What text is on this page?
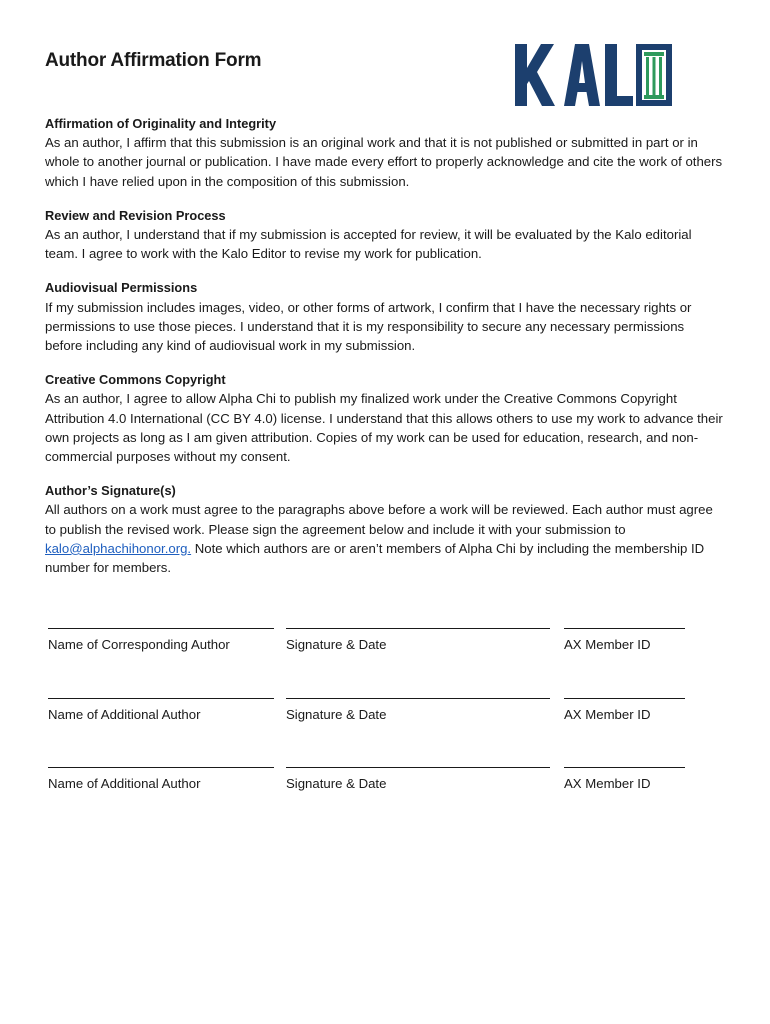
Author Affirmation Form
Affirmation of Originality and Integrity

As an author, I affirm that this submission is an original work and that it is not published or submitted in part or in whole to another journal or publication. I have made every effort to properly acknowledge and cite the work of others which I have relied upon in the composition of this submission.

Review and Revision Process

As an author, I understand that if my submission is accepted for review, it will be evaluated by the Kalo editorial team. I agree to work with the Kalo Editor to revise my work for publication.

Audiovisual Permissions

If my submission includes images, video, or other forms of artwork, I confirm that I have the necessary rights or permissions to use those pieces. I understand that it is my responsibility to secure any necessary permissions before including any kind of audiovisual work in my submission.

Creative Commons Copyright

As an author, I agree to allow Alpha Chi to publish my finalized work under the Creative Commons Copyright Attribution 4.0 International (CC BY 4.0) license. I understand that this allows others to use my work to advance their own projects as long as I am given attribution. Copies of my work can be used for education, research, and non-commercial purposes without my consent.

Author’s Signature(s)

All authors on a work must agree to the paragraphs above before a work will be reviewed. Each author must agree to publish the revised work. Please sign the agreement below and include it with your submission to kalo@alphachihonor.org. Note which authors are or aren’t members of Alpha Chi by including the membership ID number for members.

Name of Corresponding Author	Signature & Date	AX Member ID
Name of Additional Author	Signature & Date	AX Member ID
Name of Additional Author	Signature & Date	AX Member ID
